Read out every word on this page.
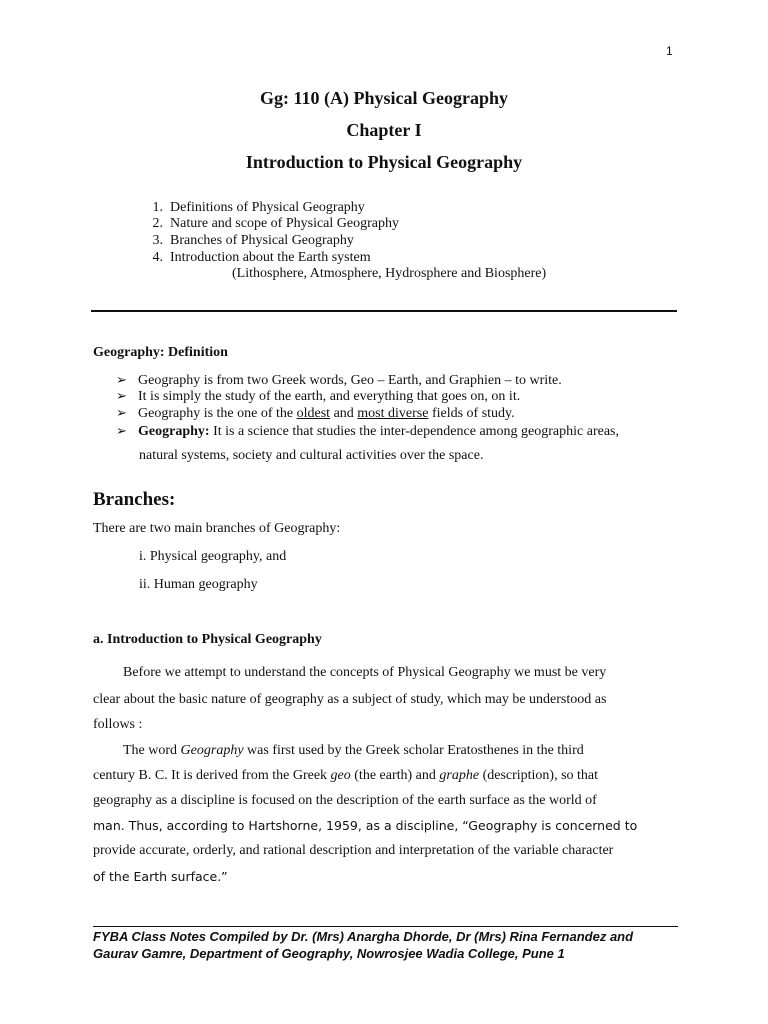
1
Gg: 110 (A) Physical Geography
Chapter I
Introduction to Physical Geography
1. Definitions of Physical Geography
2. Nature and scope of Physical Geography
3. Branches of Physical Geography
4. Introduction about the Earth system
(Lithosphere, Atmosphere, Hydrosphere and Biosphere)
Geography: Definition
➢ Geography is from two Greek words, Geo – Earth, and Graphien – to write.
➢ It is simply the study of the earth, and everything that goes on, on it.
➢ Geography is the one of the oldest and most diverse fields of study.
➢ Geography: It is a science that studies the inter-dependence among geographic areas,
natural systems, society and cultural activities over the space.
Branches:
There are two main branches of Geography:
i. Physical geography, and
ii. Human geography
a. Introduction to Physical Geography
Before we attempt to understand the concepts of Physical Geography we must be very
clear about the basic nature of geography as a subject of study, which may be understood as
follows :
The word Geography was first used by the Greek scholar Eratosthenes in the third
century B. C. It is derived from the Greek geo (the earth) and graphe (description), so that
geography as a discipline is focused on the description of the earth surface as the world of
man. Thus, according to Hartshorne, 1959, as a discipline, “Geography is concerned to
provide accurate, orderly, and rational description and interpretation of the variable character
of the Earth surface.”
FYBA Class Notes Compiled by Dr. (Mrs) Anargha Dhorde, Dr (Mrs) Rina Fernandez and
Gaurav Gamre, Department of Geography, Nowrosjee Wadia College, Pune 1
